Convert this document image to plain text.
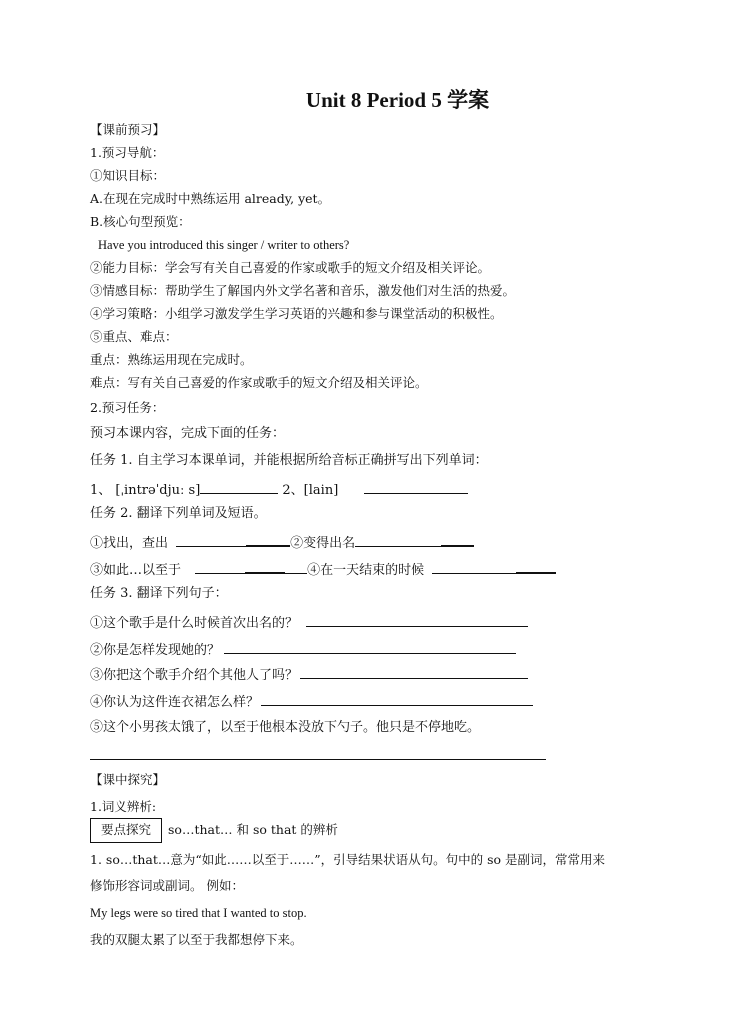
Unit 8 Period 5 学案
【课前预习】
1.预习导航：
①知识目标：
A.在现在完成时中熟练运用 already, yet。
B.核心句型预览：
Have you introduced this singer / writer to others?
②能力目标：学会写有关自己喜爱的作家或歌手的短文介绍及相关评论。
③情感目标：帮助学生了解国内外文学名著和音乐，激发他们对生活的热爱。
④学习策略：小组学习激发学生学习英语的兴趣和参与课堂活动的积极性。
⑤重点、难点：
重点：熟练运用现在完成时。
难点：写有关自己喜爱的作家或歌手的短文介绍及相关评论。
2.预习任务：
预习本课内容，完成下面的任务：
任务 1. 自主学习本课单词，并能根据所给音标正确拼写出下列单词：
1、 [ˌintrəˈdjuː s]	2、[lain]
任务 2. 翻译下列单词及短语。
①找出，查出	②变得出名
③如此…以至于	④在一天结束的时候
任务 3. 翻译下列句子：
①这个歌手是什么时候首次出名的？
②你是怎样发现她的？
③你把这个歌手介绍个其他人了吗？
④你认为这件连衣裙怎么样？
⑤这个小男孩太饿了，以至于他根本没放下勺子。他只是不停地吃。
【课中探究】
1.词义辨析:
要点探究 so…that… 和 so that 的辨析
1. so…that…意为“如此……以至于……”，引导结果状语从句。句中的 so 是副词，常常用来
修饰形容词或副词。 例如：
My legs were so tired that I wanted to stop.
我的双腿太累了以至于我都想停下来。
